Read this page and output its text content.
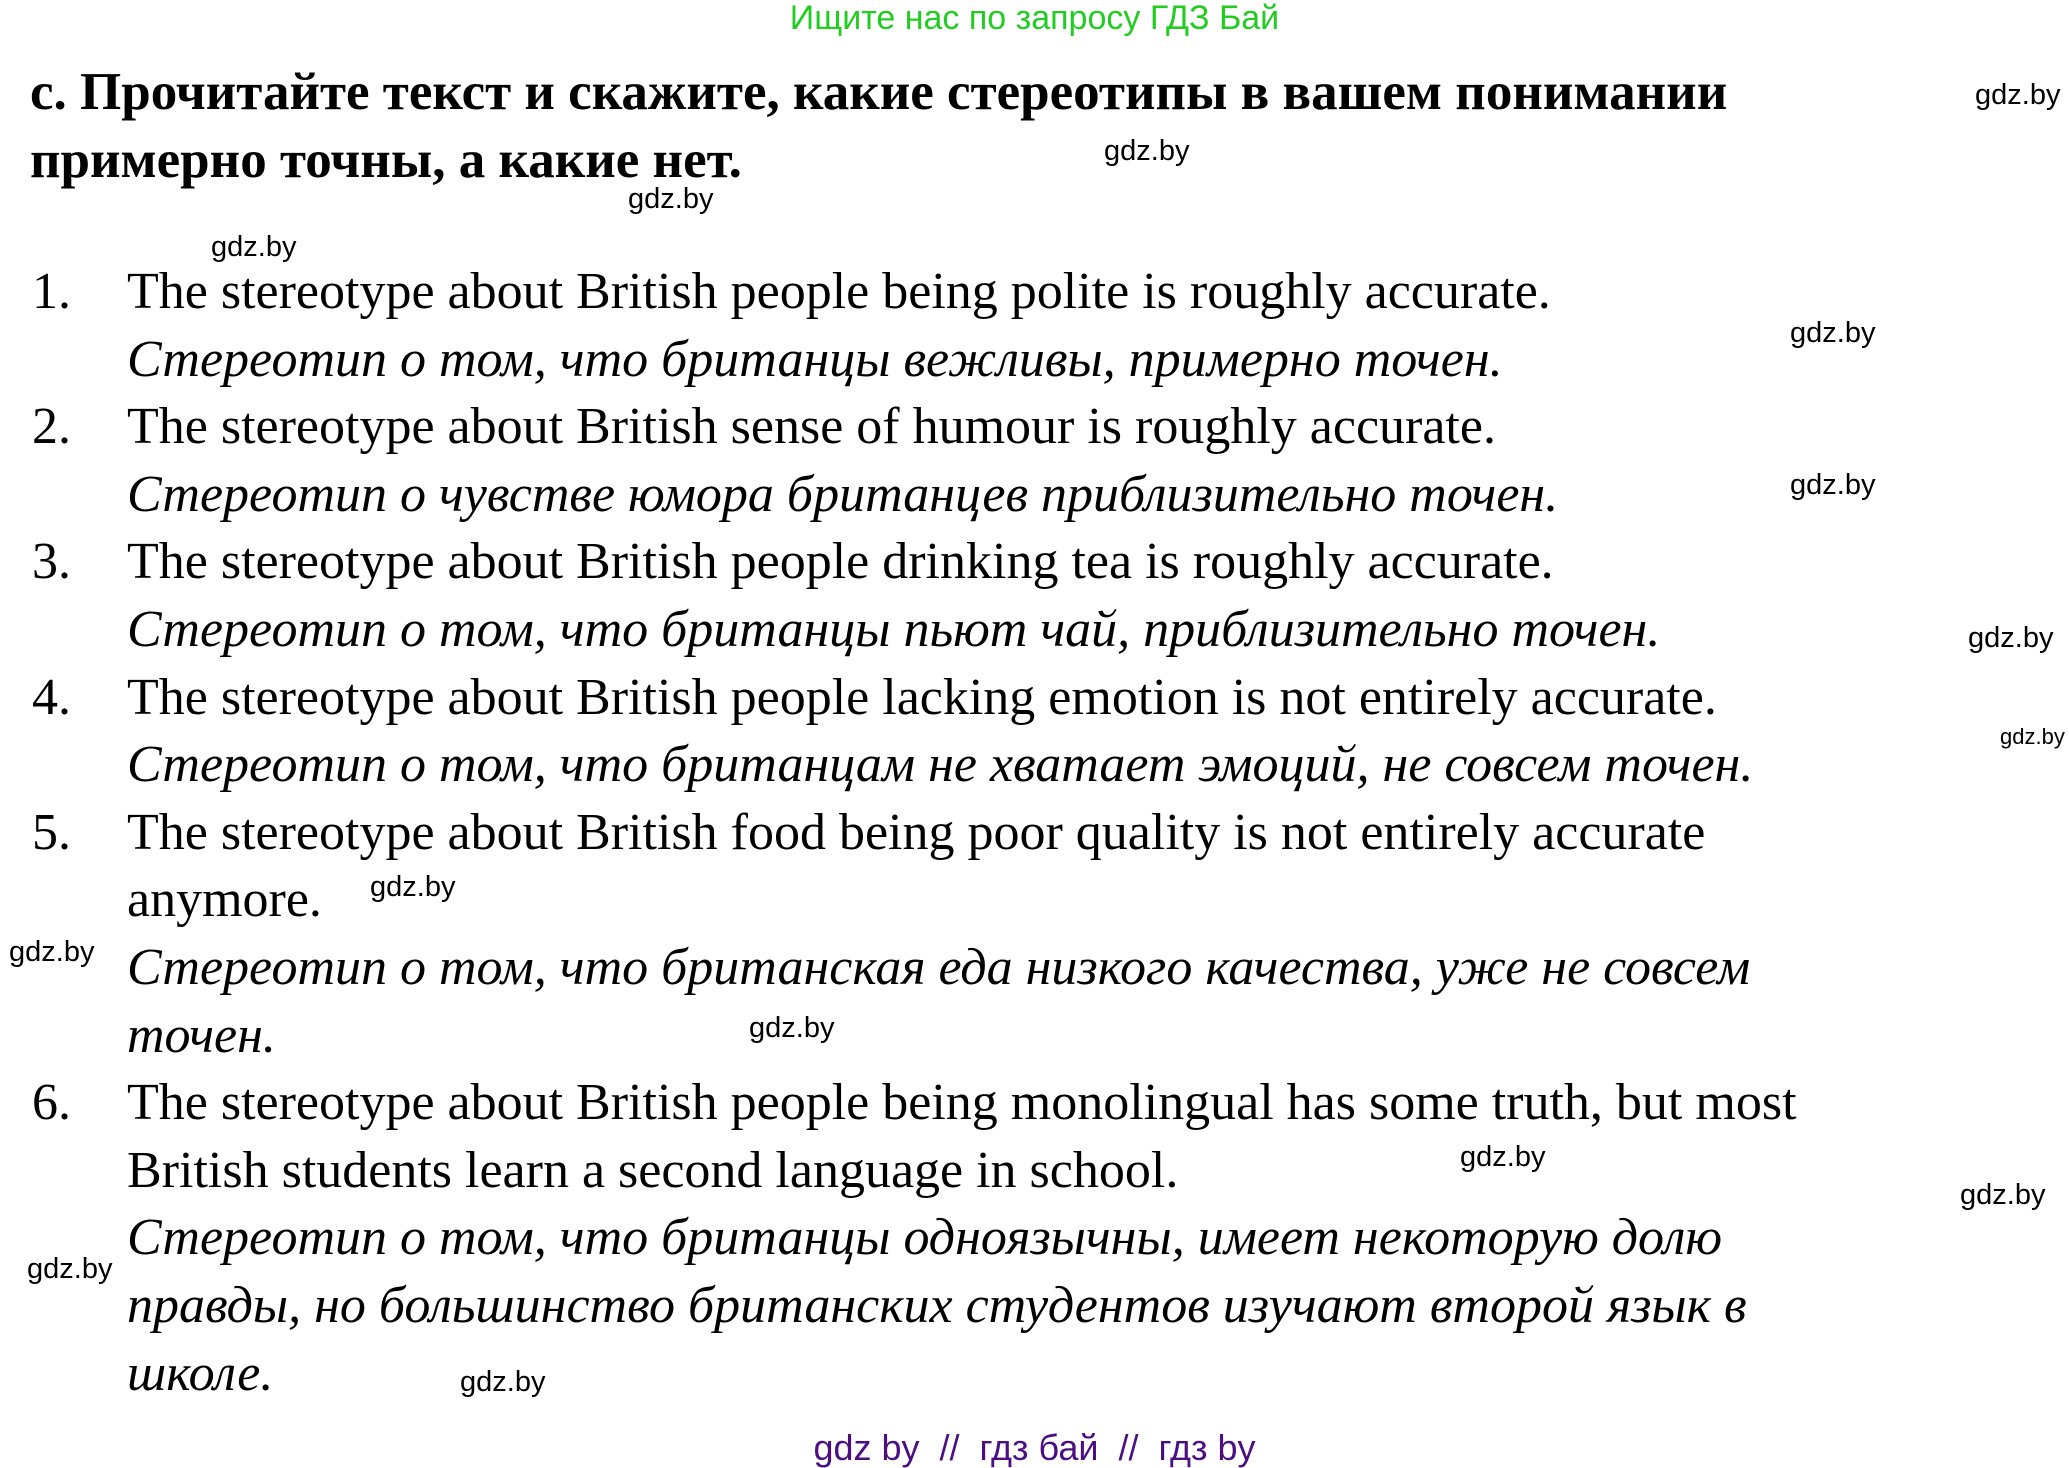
Ищите нас по запросу ГДЗ Бай
c. Прочитайте текст и скажите, какие стереотипы в вашем понимании
примерно точны, а какие нет.
1. The stereotype about British people being polite is roughly accurate.
Стереотип о том, что британцы вежливы, примерно точен.
2. The stereotype about British sense of humour is roughly accurate.
Стереотип о чувстве юмора британцев приблизительно точен.
3. The stereotype about British people drinking tea is roughly accurate.
Стереотип о том, что британцы пьют чай, приблизительно точен.
4. The stereotype about British people lacking emotion is not entirely accurate.
Стереотип о том, что британцам не хватает эмоций, не совсем точен.
5. The stereotype about British food being poor quality is not entirely accurate
anymore.
Стереотип о том, что британская еда низкого качества, уже не совсем
точен.
6. The stereotype about British people being monolingual has some truth, but most
British students learn a second language in school.
Стереотип о том, что британцы одноязычны, имеет некоторую долю
правды, но большинство британских студентов изучают второй язык в
школе.
gdz.by
gdz.by
gdz.by
gdz.by
gdz.by
gdz.by
gdz.by
gdz.by
gdz.by
gdz.by
gdz.by
gdz.by
gdz.by
gdz.by
gdz.by
gdz by  //  гдз бай  //  гдз by
